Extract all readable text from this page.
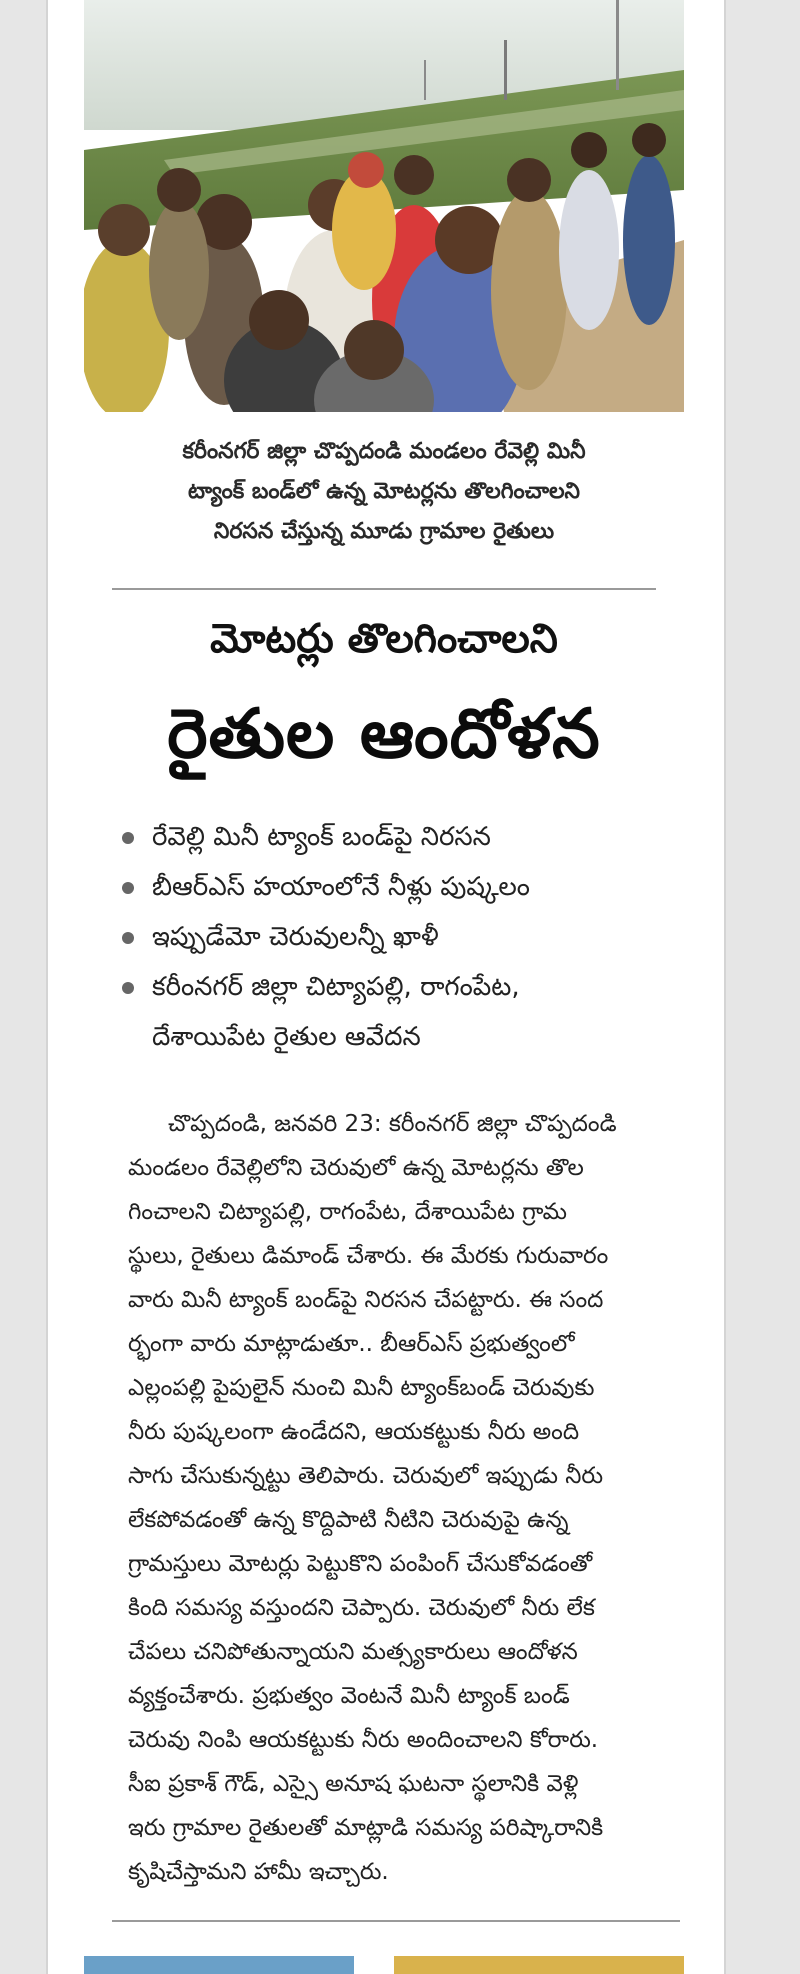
కరీంనగర్ జిల్లా చొప్పదండి మండలం రేవెల్లి మినీ
ట్యాంక్ బండ్‌లో ఉన్న మోటర్లను తొలగించాలని
నిరసన చేస్తున్న మూడు గ్రామాల రైతులు
మోటర్లు తొలగించాలని
రైతుల ఆందోళన
రేవెల్లి మినీ ట్యాంక్ బండ్‌పై నిరసన
బీఆర్ఎస్ హయాంలోనే నీళ్లు పుష్కలం
ఇప్పుడేమో చెరువులన్నీ ఖాళీ
కరీంనగర్ జిల్లా చిట్యాపల్లి, రాగంపేట,
దేశాయిపేట రైతుల ఆవేదన
చొప్పదండి, జనవరి 23: కరీంనగర్ జిల్లా చొప్పదండి
మండలం రేవెల్లిలోని చెరువులో ఉన్న మోటర్లను తొల
గించాలని చిట్యాపల్లి, రాగంపేట, దేశాయిపేట గ్రామ
స్థులు, రైతులు డిమాండ్ చేశారు. ఈ మేరకు గురువారం
వారు మినీ ట్యాంక్ బండ్‌పై నిరసన చేపట్టారు. ఈ సంద
ర్భంగా వారు మాట్లాడుతూ.. బీఆర్ఎస్ ప్రభుత్వంలో
ఎల్లంపల్లి పైపులైన్ నుంచి మినీ ట్యాంక్‌బండ్ చెరువుకు
నీరు పుష్కలంగా ఉండేదని, ఆయకట్టుకు నీరు అంది
సాగు చేసుకున్నట్టు తెలిపారు. చెరువులో ఇప్పుడు నీరు
లేకపోవడంతో ఉన్న కొద్దిపాటి నీటిని చెరువుపై ఉన్న
గ్రామస్తులు మోటర్లు పెట్టుకొని పంపింగ్ చేసుకోవడంతో
కింది సమస్య వస్తుందని చెప్పారు. చెరువులో నీరు లేక
చేపలు చనిపోతున్నాయని మత్స్యకారులు ఆందోళన
వ్యక్తంచేశారు. ప్రభుత్వం వెంటనే మినీ ట్యాంక్ బండ్
చెరువు నింపి ఆయకట్టుకు నీరు అందించాలని కోరారు.
సీఐ ప్రకాశ్ గౌడ్, ఎస్సై అనూష ఘటనా స్థలానికి వెళ్లి
ఇరు గ్రామాల రైతులతో మాట్లాడి సమస్య పరిష్కారానికి
కృషిచేస్తామని హామీ ఇచ్చారు.
